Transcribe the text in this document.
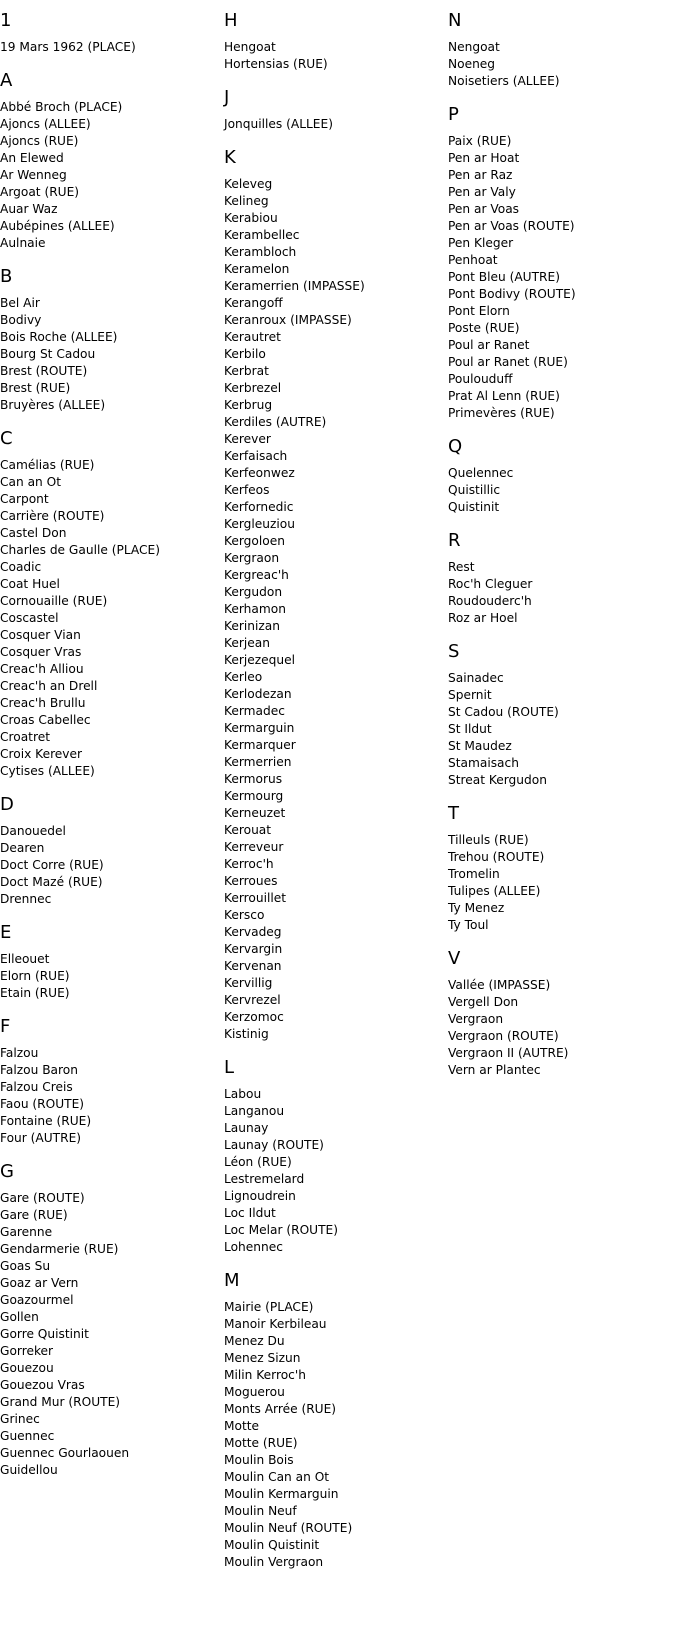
1
19 Mars 1962 (PLACE)
A
Abbé Broch (PLACE)
Ajoncs (ALLEE)
Ajoncs (RUE)
An Elewed
Ar Wenneg
Argoat (RUE)
Auar Waz
Aubépines (ALLEE)
Aulnaie
B
Bel Air
Bodivy
Bois Roche (ALLEE)
Bourg St Cadou
Brest (ROUTE)
Brest (RUE)
Bruyères (ALLEE)
C
Camélias (RUE)
Can an Ot
Carpont
Carrière (ROUTE)
Castel Don
Charles de Gaulle (PLACE)
Coadic
Coat Huel
Cornouaille (RUE)
Coscastel
Cosquer Vian
Cosquer Vras
Creac'h Alliou
Creac'h an Drell
Creac'h Brullu
Croas Cabellec
Croatret
Croix Kerever
Cytises (ALLEE)
D
Danouedel
Dearen
Doct Corre (RUE)
Doct Mazé (RUE)
Drennec
E
Elleouet
Elorn (RUE)
Etain (RUE)
F
Falzou
Falzou Baron
Falzou Creis
Faou (ROUTE)
Fontaine (RUE)
Four (AUTRE)
G
Gare (ROUTE)
Gare (RUE)
Garenne
Gendarmerie (RUE)
Goas Su
Goaz ar Vern
Goazourmel
Gollen
Gorre Quistinit
Gorreker
Gouezou
Gouezou Vras
Grand Mur (ROUTE)
Grinec
Guennec
Guennec Gourlaouen
Guidellou
H
Hengoat
Hortensias (RUE)
J
Jonquilles (ALLEE)
K
Keleveg
Kelineg
Kerabiou
Kerambellec
Kerambloch
Keramelon
Keramerrien (IMPASSE)
Kerangoff
Keranroux (IMPASSE)
Kerautret
Kerbilo
Kerbrat
Kerbrezel
Kerbrug
Kerdiles (AUTRE)
Kerever
Kerfaisach
Kerfeonwez
Kerfeos
Kerfornedic
Kergleuziou
Kergoloen
Kergraon
Kergreac'h
Kergudon
Kerhamon
Kerinizan
Kerjean
Kerjezequel
Kerleo
Kerlodezan
Kermadec
Kermarguin
Kermarquer
Kermerrien
Kermorus
Kermourg
Kerneuzet
Kerouat
Kerreveur
Kerroc'h
Kerroues
Kerrouillet
Kersco
Kervadeg
Kervargin
Kervenan
Kervillig
Kervrezel
Kerzomoc
Kistinig
L
Labou
Langanou
Launay
Launay (ROUTE)
Léon (RUE)
Lestremelard
Lignoudrein
Loc Ildut
Loc Melar (ROUTE)
Lohennec
M
Mairie (PLACE)
Manoir Kerbileau
Menez Du
Menez Sizun
Milin Kerroc'h
Moguerou
Monts Arrée (RUE)
Motte
Motte (RUE)
Moulin Bois
Moulin Can an Ot
Moulin Kermarguin
Moulin Neuf
Moulin Neuf (ROUTE)
Moulin Quistinit
Moulin Vergraon
N
Nengoat
Noeneg
Noisetiers (ALLEE)
P
Paix (RUE)
Pen ar Hoat
Pen ar Raz
Pen ar Valy
Pen ar Voas
Pen ar Voas (ROUTE)
Pen Kleger
Penhoat
Pont Bleu (AUTRE)
Pont Bodivy (ROUTE)
Pont Elorn
Poste (RUE)
Poul ar Ranet
Poul ar Ranet (RUE)
Poulouduff
Prat Al Lenn (RUE)
Primevères (RUE)
Q
Quelennec
Quistillic
Quistinit
R
Rest
Roc'h Cleguer
Roudouderc'h
Roz ar Hoel
S
Sainadec
Spernit
St Cadou (ROUTE)
St Ildut
St Maudez
Stamaisach
Streat Kergudon
T
Tilleuls (RUE)
Trehou (ROUTE)
Tromelin
Tulipes (ALLEE)
Ty Menez
Ty Toul
V
Vallée (IMPASSE)
Vergell Don
Vergraon
Vergraon (ROUTE)
Vergraon II (AUTRE)
Vern ar Plantec
